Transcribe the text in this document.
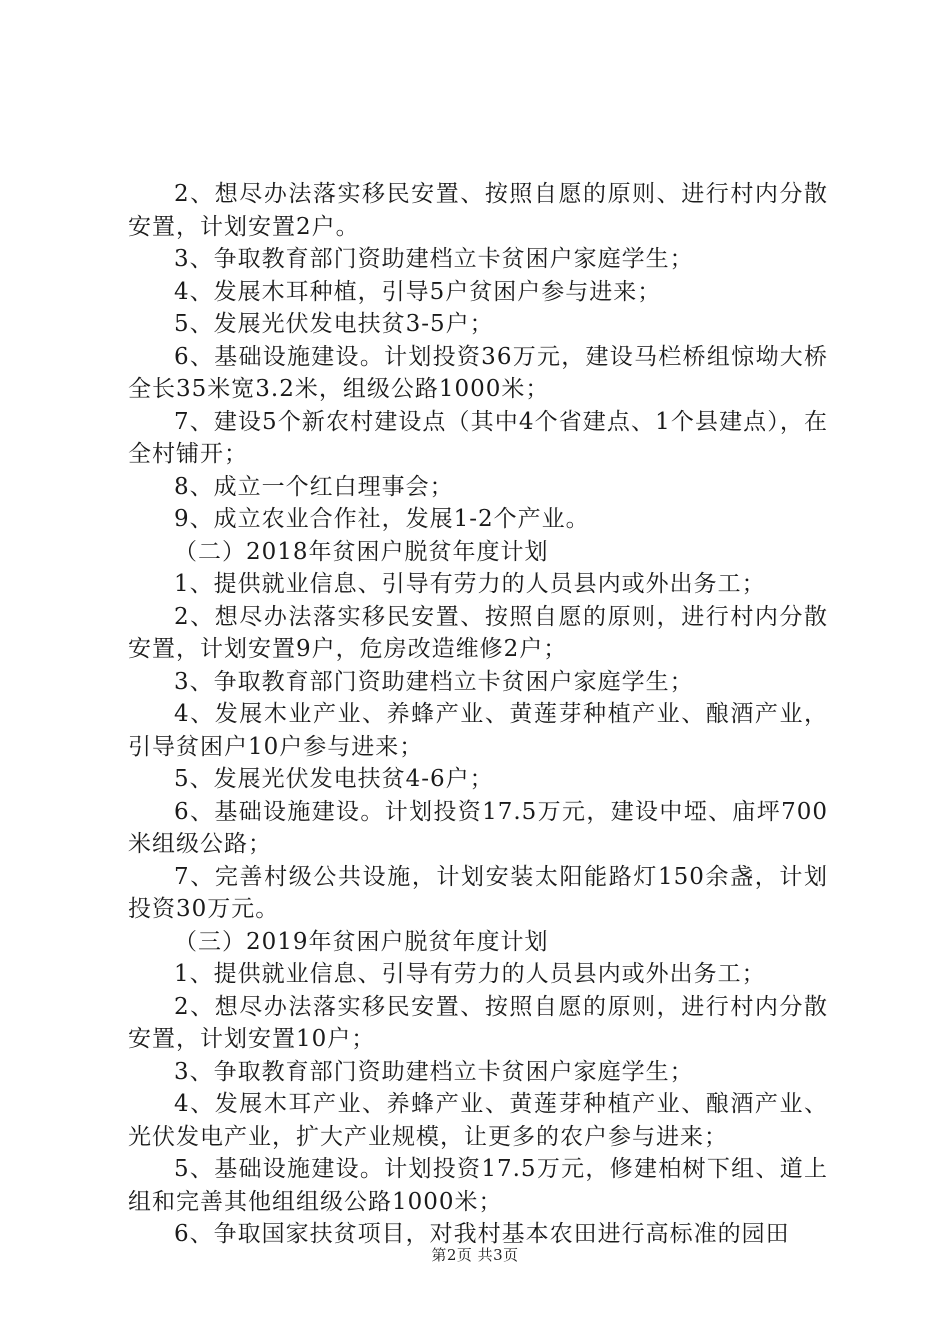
2、想尽办法落实移民安置、按照自愿的原则、进行村内分散安置，计划安置2户。

3、争取教育部门资助建档立卡贫困户家庭学生；

4、发展木耳种植，引导5户贫困户参与进来；

5、发展光伏发电扶贫3-5户；

6、基础设施建设。计划投资36万元，建设马栏桥组惊坳大桥全长35米宽3.2米，组级公路1000米；

7、建设5个新农村建设点（其中4个省建点、1个县建点），在全村铺开；

8、成立一个红白理事会；

9、成立农业合作社，发展1-2个产业。

（二）2018年贫困户脱贫年度计划

1、提供就业信息、引导有劳力的人员县内或外出务工；

2、想尽办法落实移民安置、按照自愿的原则，进行村内分散安置，计划安置9户，危房改造维修2户；

3、争取教育部门资助建档立卡贫困户家庭学生；

4、发展木业产业、养蜂产业、黄莲芽种植产业、酿酒产业，引导贫困户10户参与进来；

5、发展光伏发电扶贫4-6户；

6、基础设施建设。计划投资17.5万元，建设中埡、庙坪700米组级公路；

7、完善村级公共设施，计划安装太阳能路灯150余盏，计划投资30万元。

（三）2019年贫困户脱贫年度计划

1、提供就业信息、引导有劳力的人员县内或外出务工；

2、想尽办法落实移民安置、按照自愿的原则，进行村内分散安置，计划安置10户；

3、争取教育部门资助建档立卡贫困户家庭学生；

4、发展木耳产业、养蜂产业、黄莲芽种植产业、酿酒产业、光伏发电产业，扩大产业规模，让更多的农户参与进来；

5、基础设施建设。计划投资17.5万元，修建柏树下组、道上组和完善其他组组级公路1000米；

6、争取国家扶贫项目，对我村基本农田进行高标准的园田

第2页 共3页
